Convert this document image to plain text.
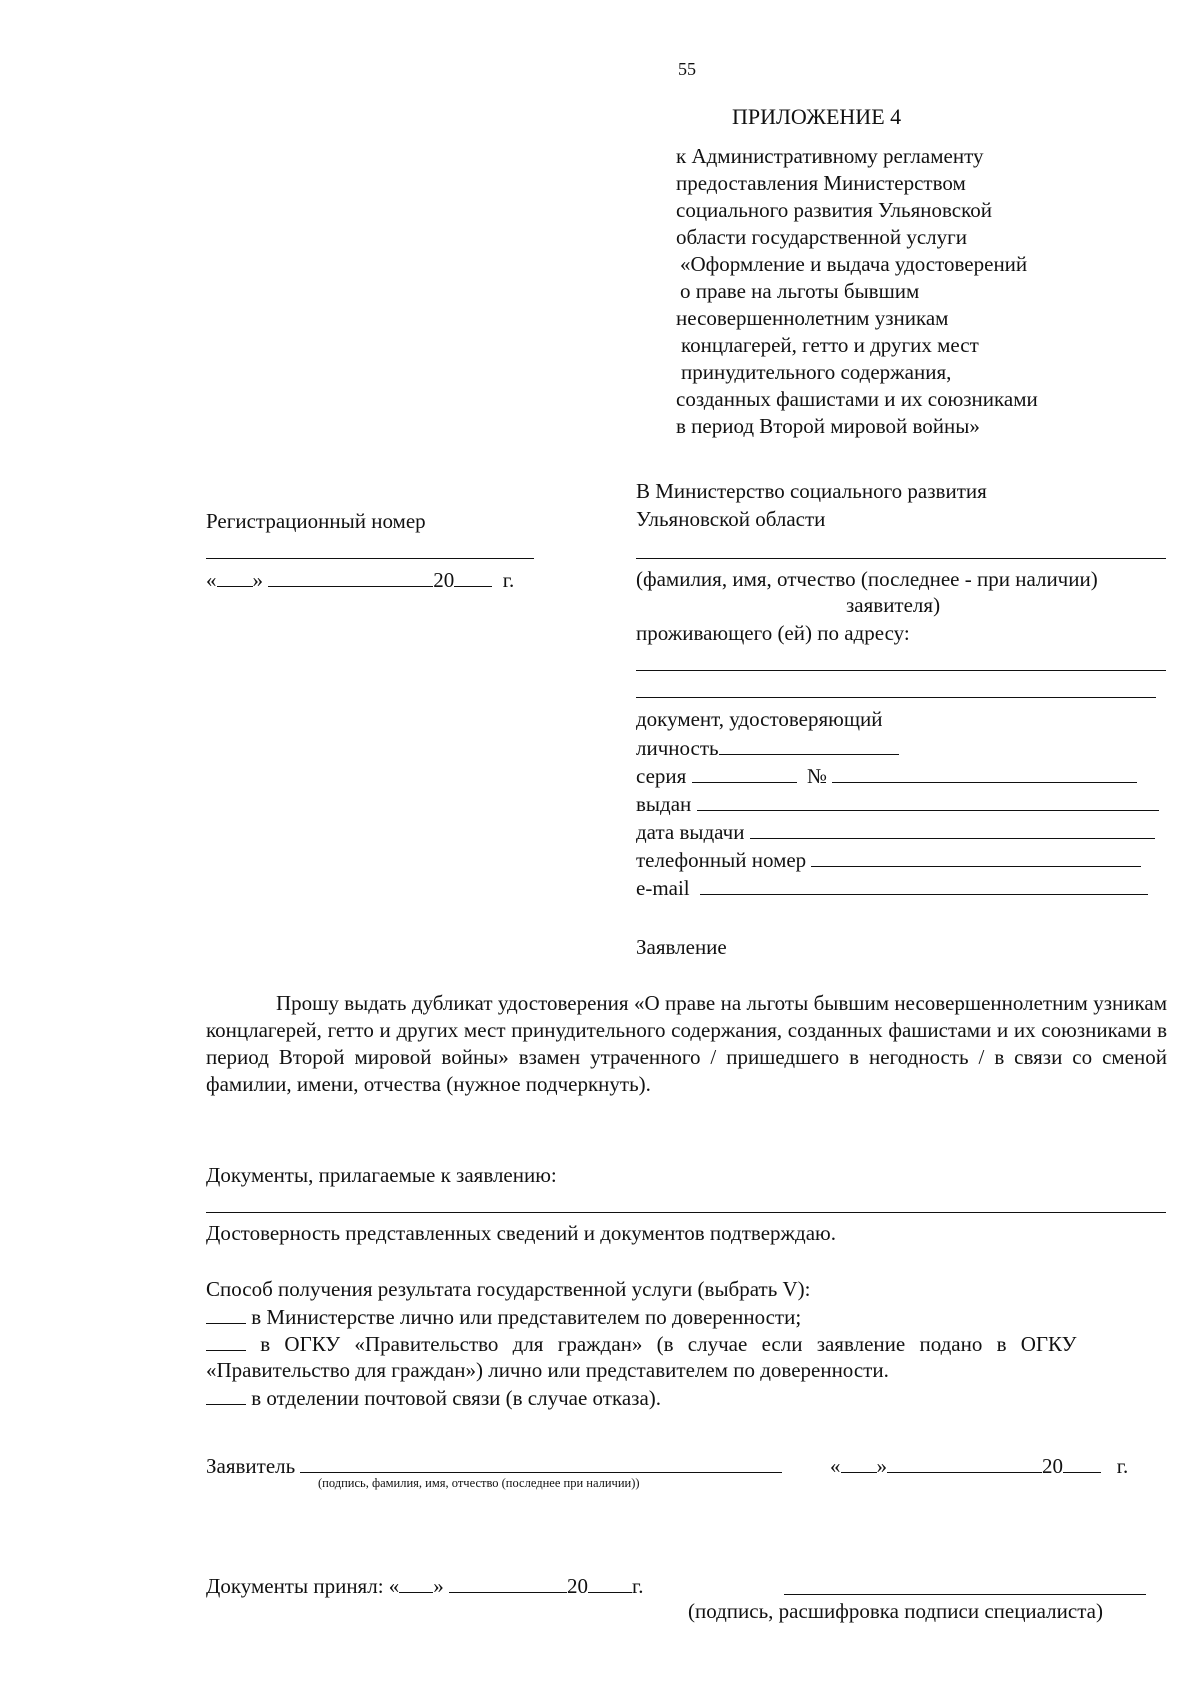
55
ПРИЛОЖЕНИЕ 4
к Административному регламенту
предоставления Министерством
социального развития Ульяновской
области государственной услуги
«Оформление и выдача удостоверений
о праве на льготы бывшим
несовершеннолетним узникам
концлагерей, гетто и других мест
принудительного содержания,
созданных фашистами и их союзниками
в период Второй мировой войны»
В Министерство социального развития
Ульяновской области
Регистрационный номер
« »	20 г.	(фамилия, имя, отчество (последнее - при наличии)
заявителя)
проживающего (ей) по адресу:
документ, удостоверяющий
личность
серия	№
выдан
дата выдачи
телефонный номер
e-mail
Заявление
Прошу выдать дубликат удостоверения «О праве на льготы бывшим несовершеннолетним узникам концлагерей, гетто и других мест принудительного содержания, созданных фашистами и их союзниками в период Второй мировой войны» взамен утраченного / пришедшего в негодность / в связи со сменой фамилии, имени, отчества (нужное подчеркнуть).
Документы, прилагаемые к заявлению:
Достоверность представленных сведений и документов подтверждаю.
Способ получения результата государственной услуги (выбрать V):
в Министерстве лично или представителем по доверенности;
в ОГКУ «Правительство для граждан» (в случае если заявление подано в ОГКУ
«Правительство для граждан») лично или представителем по доверенности.
в отделении почтовой связи (в случае отказа).
Заявитель
(подпись, фамилия, имя, отчество (последнее при наличии))
« »	20	г.
Документы принял: « »	20 г.
(подпись, расшифровка подписи специалиста)
